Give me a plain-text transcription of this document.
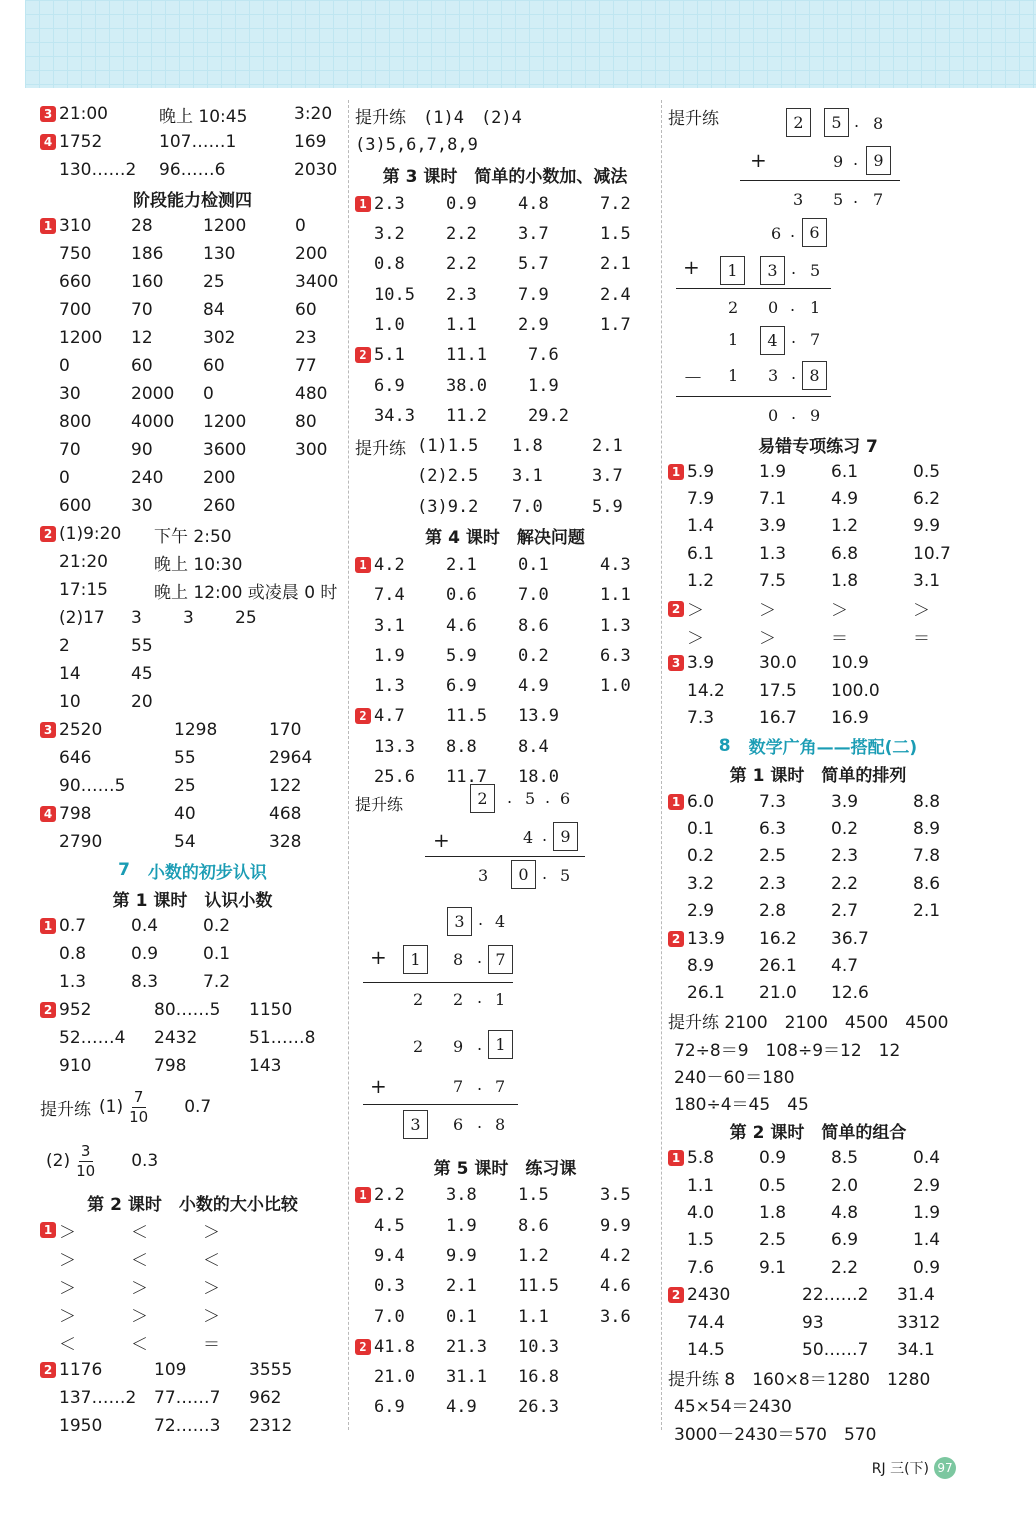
3 21:00	晚上 10:45	3:20
4 1752	107……1	169
130……2	96……6	2030
阶段能力检测四
1 310	28	1200	0
750	186	130	200
660	160	25	3400
700	70	84	60
1200	12	302	23
0	60	60	77
30	2000	0	480
800	4000	1200	80
70	90	3600	300
0	240	200
600	30	260
2 (1)9:20	下午 2:50
21:20	晚上 10:30
17:15	晚上 12:00 或凌晨 0 时
(2)17	3	3	25
2	55
14	45
10	20
3 2520	1298	170
646	55	2964
90……5	25	122
4 798	40	468
2790	54	328
7 小数的初步认识
第 1 课时　认识小数
1 0.7	0.4	0.2
0.8	0.9	0.1
1.3	8.3	7.2
2 952	80……5	1150
52……4	2432	51……8
910	798	143
提升练 $(1) \frac{7}{10} 0.7$
$(2) \frac{3}{10} 0.3$
第 2 课时　小数的大小比较
1 ＞	＜	＞
＞	＜	＜
＞	＞	＞
＞	＞	＞
＜	＜	＝
2 1176	109	3555
137……2	77……7	962
1950	72……3	2312
提升练　(1)4　(2)4
(3)5,6,7,8,9
第 3 课时　简单的小数加、减法
1 2.3	0.9	4.8	7.2
3.2	2.2	3.7	1.5
0.8	2.2	5.7	2.1
10.5	2.3	7.9	2.4
1.0	1.1	2.9	1.7
2 5.1	11.1	7.6
6.9	38.0	1.9
34.3	11.2	29.2
提升练 (1)1.5	1.8	2.1
(2)2.5	3.1	3.7
(3)9.2	7.0	5.9
第 4 课时　解决问题
1 4.2	2.1	0.1	4.3
7.4	0.6	7.0	1.1
3.1	4.6	8.6	1.3
1.9	5.9	0.2	6.3
1.3	6.9	4.9	1.0
2 4.7	11.5	13.9
13.3	8.8	8.4
25.6	11.7	18.0
提升练	2	. 5 . 6
+	4 . 9
3	0 . 5
3 . 4
+	1	8 . 7
2 2 . 1
2 9 . 1
+	7 . 7
3	6 . 8
第 5 课时　练习课
1 2.2	3.8	1.5	3.5
4.5	1.9	8.6	9.9
9.4	9.9	1.2	4.2
0.3	2.1	11.5	4.6
7.0	0.1	1.1	3.6
2 41.8	21.3	10.3
21.0	31.1	16.8
6.9	4.9	26.3
提升练	2	5 . 8
+	9 . 9
3 5 . 7
6 . 6
+	1	3 . 5
2 0 . 1
1	4 . 7
－ 1 3 . 8
0 . 9
易错专项练习 7
1 5.9	1.9	6.1	0.5
7.9	7.1	4.9	6.2
1.4	3.9	1.2	9.9
6.1	1.3	6.8	10.7
1.2	7.5	1.8	3.1
2 ＞	＞	＞	＞
＞	＞	＝	＝
3 3.9	30.0	10.9
14.2	17.5	100.0
7.3	16.7	16.9
8 数学广角——搭配(二)
第 1 课时　简单的排列
1 6.0	7.3	3.9	8.8
0.1	6.3	0.2	8.9
0.2	2.5	2.3	7.8
3.2	2.3	2.2	8.6
2.9	2.8	2.7	2.1
2 13.9	16.2	36.7
8.9	26.1	4.7
26.1	21.0	12.6
提升练 2100　2100　4500　4500
72÷8＝9　108÷9＝12　12
240－60＝180
180÷4＝45　45
第 2 课时　简单的组合
1 5.8	0.9	8.5	0.4
1.1	0.5	2.0	2.9
4.0	1.8	4.8	1.9
1.5	2.5	6.9	1.4
7.6	9.1	2.2	0.9
2 2430	22……2	31.4
74.4	93	3312
14.5	50……7	34.1
提升练 8　160×8＝1280　1280
45×54＝2430
3000－2430＝570　570
RJ 三(下) 97
